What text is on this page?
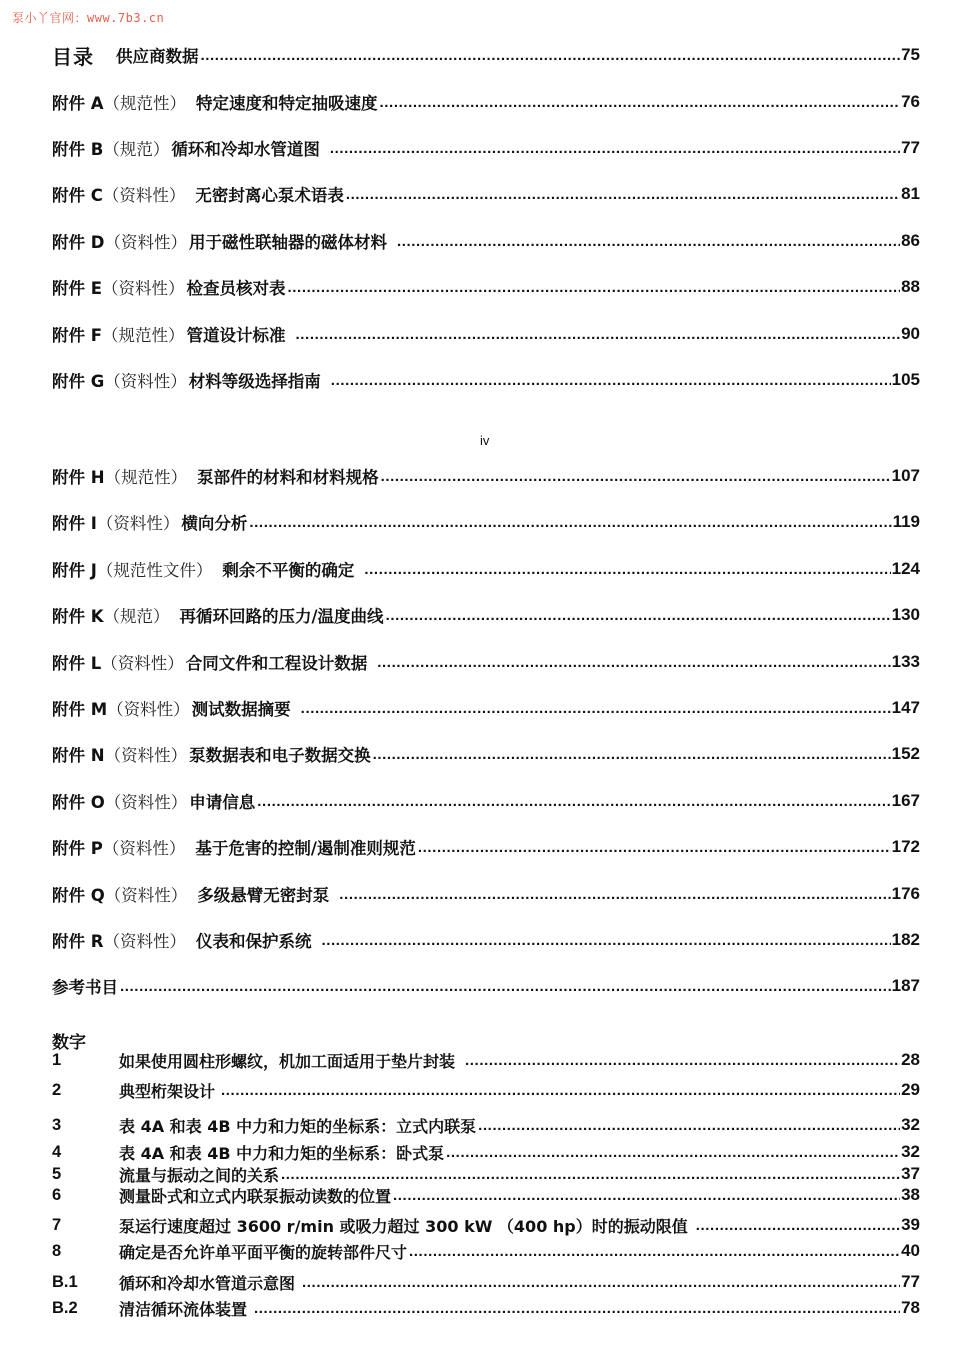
泵小丫官网：www.7b3.cn
目录 供应商数据 .....	75
附件 A （规范性） 特定速度和特定抽吸速度 .....	76
附件 B （规范） 循环和冷却水管道图 .....	77
附件 C （资料性） 无密封离心泵术语表 .....	81
附件 D （资料性） 用于磁性联轴器的磁体材料 .....	86
附件 E （资料性） 检查员核对表 .....	88
附件 F （规范性） 管道设计标准 .....	90
附件 G （资料性） 材料等级选择指南 .....	105
iv
附件 H （规范性） 泵部件的材料和材料规格 .....	107
附件 I （资料性） 横向分析 .....	119
附件 J （规范性文件） 剩余不平衡的确定 .....	124
附件 K （规范） 再循环回路的压力/温度曲线 .....	130
附件 L （资料性） 合同文件和工程设计数据 .....	133
附件 M （资料性） 测试数据摘要 .....	147
附件 N （资料性） 泵数据表和电子数据交换 .....	152
附件 O （资料性） 申请信息 .....	167
附件 P （资料性） 基于危害的控制/遏制准则规范 .....	172
附件 Q （资料性） 多级悬臂无密封泵 .....	176
附件 R （资料性） 仪表和保护系统 .....	182
参考书目 .....	187
数字
1	如果使用圆柱形螺纹，机加工面适用于垫片封装 .....	28
2	典型桁架设计 .....	29
3	表 4A 和表 4B 中力和力矩的坐标系：立式内联泵 .....	32
4	表 4A 和表 4B 中力和力矩的坐标系：卧式泵 .....	32
5	流量与振动之间的关系 .....	37
6	测量卧式和立式内联泵振动读数的位置 .....	38
7	泵运行速度超过 3600 r/min 或吸力超过 300 kW （400 hp）时的振动限值 .....	39
8	确定是否允许单平面平衡的旋转部件尺寸 .....	40
B.1	循环和冷却水管道示意图 .....	77
B.2	清洁循环流体装置 .....	78
